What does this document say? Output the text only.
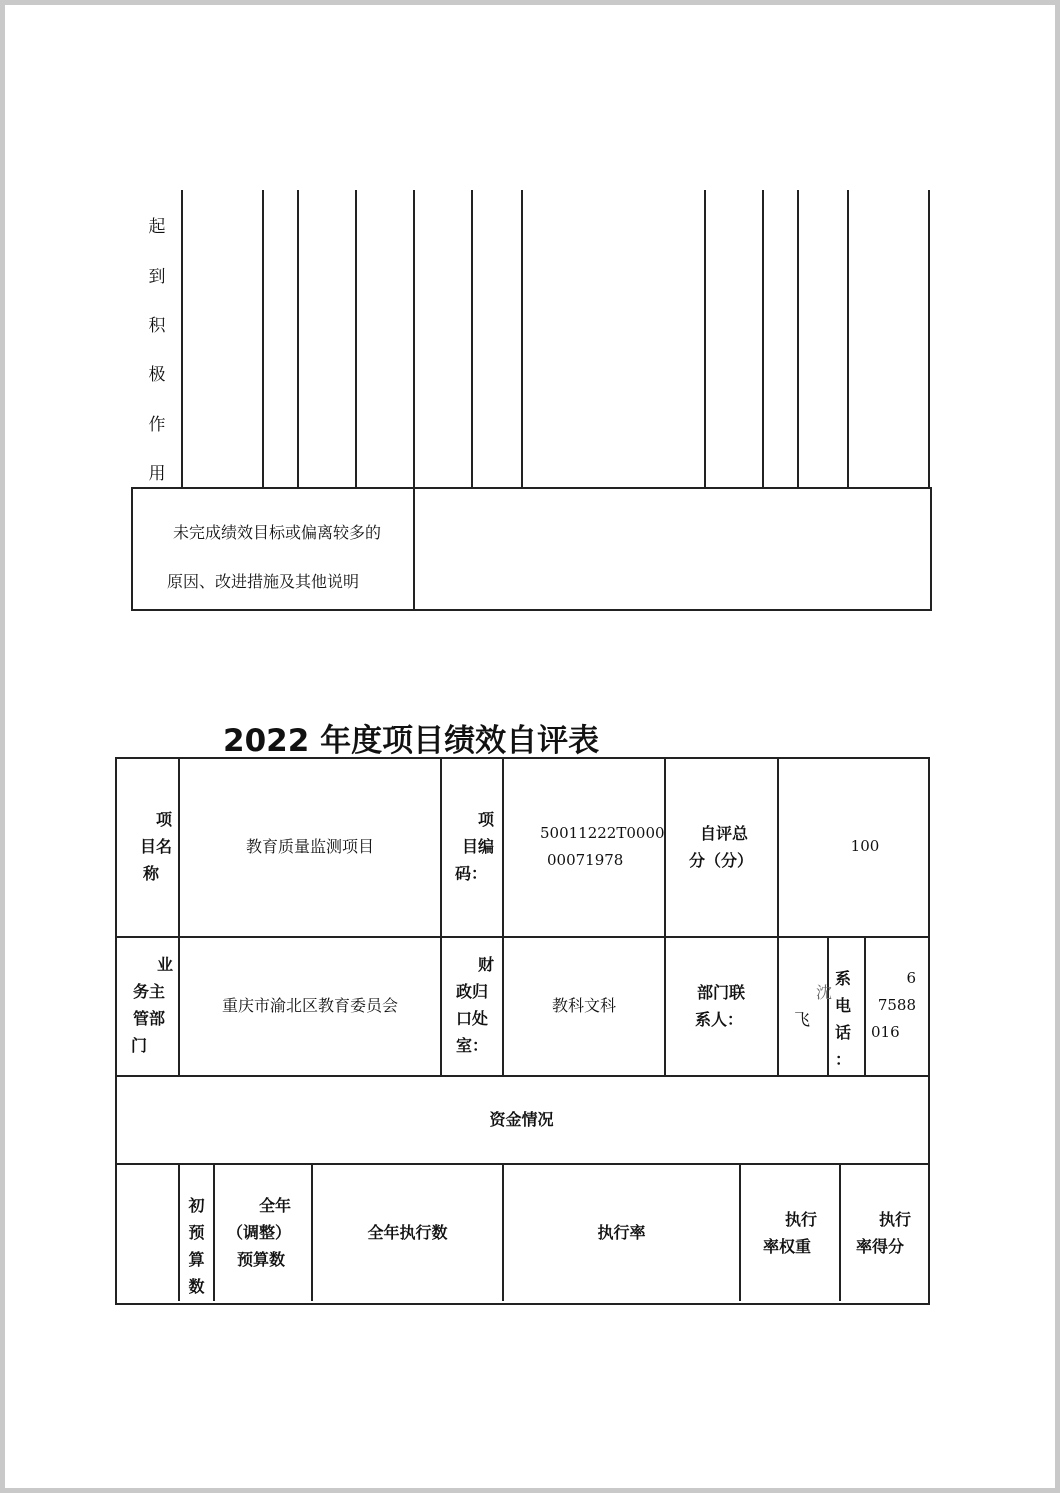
起
到
积
极
作
用
未完成绩效目标或偏离较多的
原因、改进措施及其他说明
2022 年度项目绩效自评表
项
目名
称
教育质量监测项目
项
目编
码：
50011222T0000
00071978
自评总
分（分）
100
业
务主
管部
门
重庆市渝北区教育委员会
财
政归
口处
室：
教科文科
部门联
系人：
沈
飞
系
电
话
：
6
7588
016
资金情况
初
预
算
数
全年
（调整）
预算数
全年执行数	执行率
执行
率权重
执行
率得分
